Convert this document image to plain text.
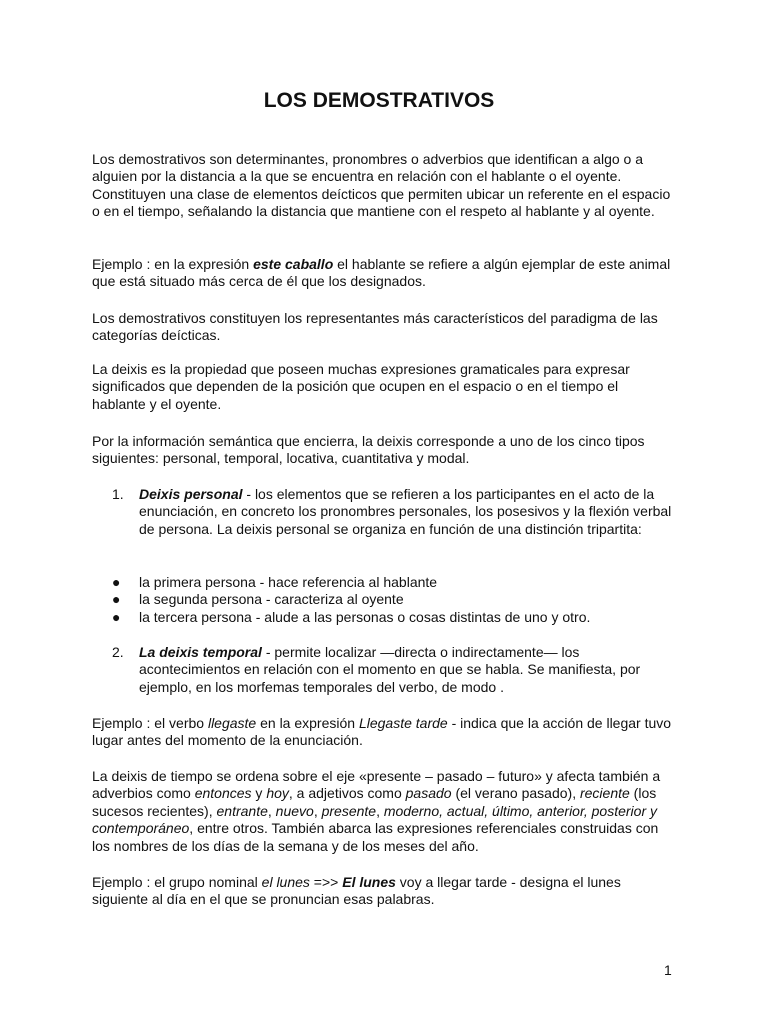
LOS DEMOSTRATIVOS

Los demostrativos son determinantes, pronombres o adverbios que identifican a algo o a alguien por la distancia a la que se encuentra en relación con el hablante o el oyente. Constituyen una clase de elementos deícticos que permiten ubicar un referente en el espacio o en el tiempo, señalando la distancia que mantiene con el respeto al hablante y al oyente.

Ejemplo : en la expresión este caballo el hablante se refiere a algún ejemplar de este animal que está situado más cerca de él que los designados.

Los demostrativos constituyen los representantes más característicos del paradigma de las categorías deícticas.

La deixis es la propiedad que poseen muchas expresiones gramaticales para expresar significados que dependen de la posición que ocupen en el espacio o en el tiempo el hablante y el oyente.

Por la información semántica que encierra, la deixis corresponde a uno de los cinco tipos siguientes: personal, temporal, locativa, cuantitativa y modal.

1.	Deixis personal - los elementos que se refieren a los participantes en el acto de la enunciación, en concreto los pronombres personales, los posesivos y la flexión verbal de persona. La deixis personal se organiza en función de una distinción tripartita:

● la primera persona - hace referencia al hablante
● la segunda persona - caracteriza al oyente
● la tercera persona - alude a las personas o cosas distintas de uno y otro.
2.	La deixis temporal - permite localizar —directa o indirectamente— los acontecimientos en relación con el momento en que se habla. Se manifiesta, por ejemplo, en los morfemas temporales del verbo, de modo .

Ejemplo : el verbo llegaste en la expresión Llegaste tarde - indica que la acción de llegar tuvo lugar antes del momento de la enunciación.

La deixis de tiempo se ordena sobre el eje «presente – pasado – futuro» y afecta también a adverbios como entonces y hoy, a adjetivos como pasado (el verano pasado), reciente (los sucesos recientes), entrante, nuevo, presente, moderno, actual, último, anterior, posterior y contemporáneo, entre otros. También abarca las expresiones referenciales construidas con los nombres de los días de la semana y de los meses del año.

Ejemplo : el grupo nominal el lunes =>> El lunes voy a llegar tarde - designa el lunes siguiente al día en el que se pronuncian esas palabras.

1
